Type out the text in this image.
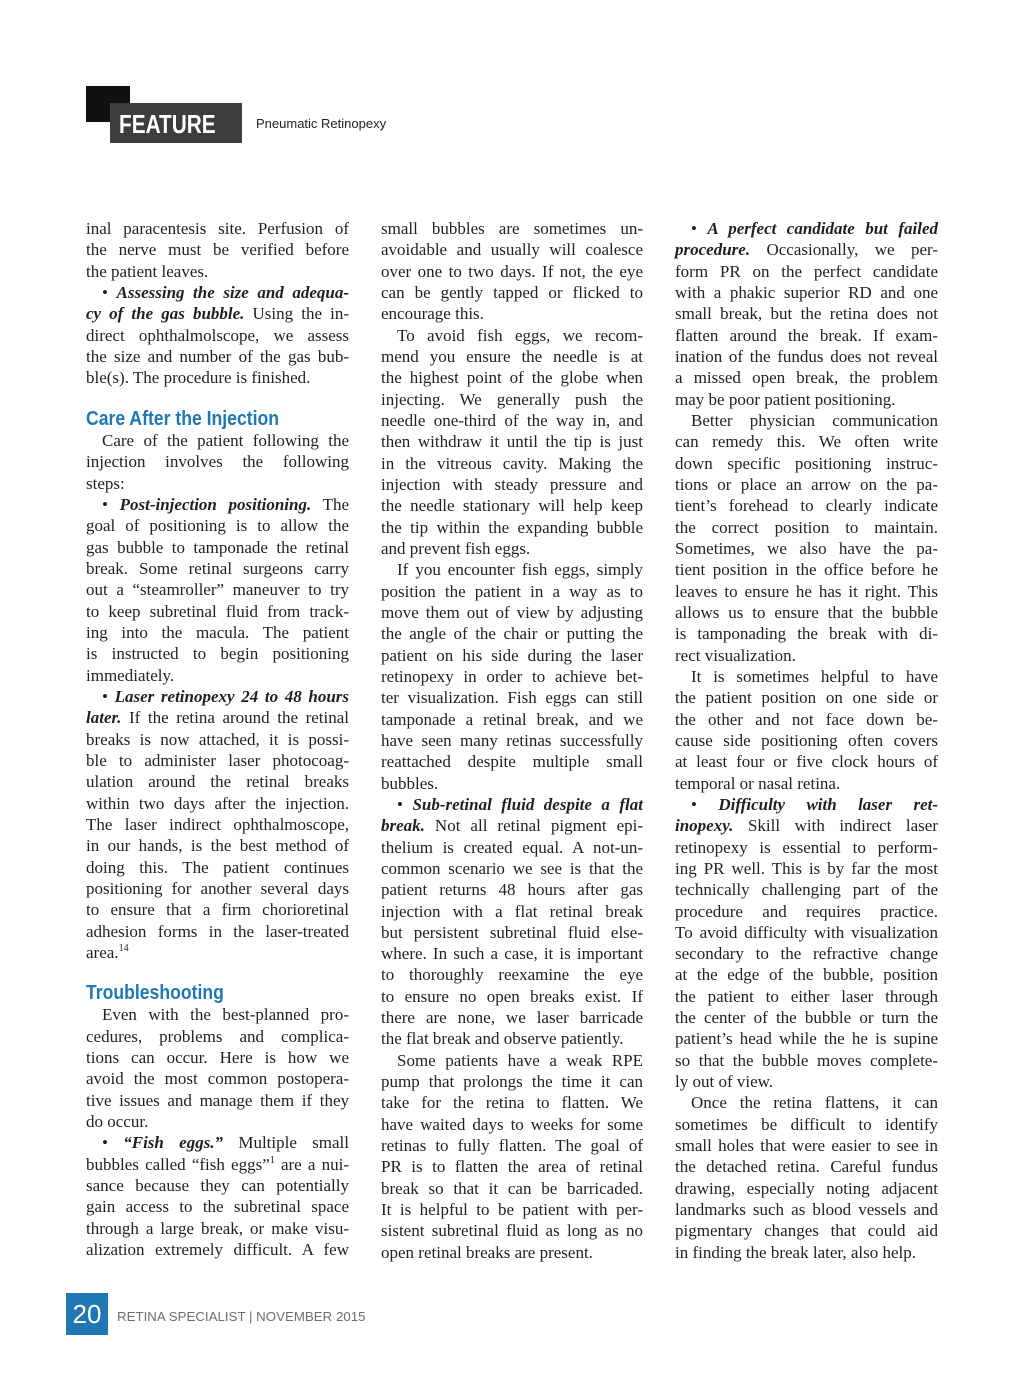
FEATURE	Pneumatic Retinopexy
inal paracentesis site. Perfusion of
the nerve must be verified before
the patient leaves.
• Assessing the size and adequa-
cy of the gas bubble. Using the in-
direct ophthalmolscope, we assess
the size and number of the gas bub-
ble(s). The procedure is finished.
Care After the Injection
Care of the patient following the
injection involves the following
steps:
• Post-injection positioning. The
goal of positioning is to allow the
gas bubble to tamponade the retinal
break. Some retinal surgeons carry
out a “steamroller” maneuver to try
to keep subretinal fluid from track-
ing into the macula. The patient
is instructed to begin positioning
immediately.
• Laser retinopexy 24 to 48 hours
later. If the retina around the retinal
breaks is now attached, it is possi-
ble to administer laser photocoag-
ulation around the retinal breaks
within two days after the injection.
The laser indirect ophthalmoscope,
in our hands, is the best method of
doing this. The patient continues
positioning for another several days
to ensure that a firm chorioretinal
adhesion forms in the laser-treated
area.$^{14}$
Troubleshooting
Even with the best-planned pro-
cedures, problems and complica-
tions can occur. Here is how we
avoid the most common postopera-
tive issues and manage them if they
do occur.
• “Fish eggs.” Multiple small
bubbles called “fish eggs”$^1$ are a nui-
sance because they can potentially
gain access to the subretinal space
through a large break, or make visu-
alization extremely difficult. A few
small bubbles are sometimes un-
avoidable and usually will coalesce
over one to two days. If not, the eye
can be gently tapped or flicked to
encourage this.
To avoid fish eggs, we recom-
mend you ensure the needle is at
the highest point of the globe when
injecting. We generally push the
needle one-third of the way in, and
then withdraw it until the tip is just
in the vitreous cavity. Making the
injection with steady pressure and
the needle stationary will help keep
the tip within the expanding bubble
and prevent fish eggs.
If you encounter fish eggs, simply
position the patient in a way as to
move them out of view by adjusting
the angle of the chair or putting the
patient on his side during the laser
retinopexy in order to achieve bet-
ter visualization. Fish eggs can still
tamponade a retinal break, and we
have seen many retinas successfully
reattached despite multiple small
bubbles.
• Sub-retinal fluid despite a flat
break. Not all retinal pigment epi-
thelium is created equal. A not-un-
common scenario we see is that the
patient returns 48 hours after gas
injection with a flat retinal break
but persistent subretinal fluid else-
where. In such a case, it is important
to thoroughly reexamine the eye
to ensure no open breaks exist. If
there are none, we laser barricade
the flat break and observe patiently.
Some patients have a weak RPE
pump that prolongs the time it can
take for the retina to flatten. We
have waited days to weeks for some
retinas to fully flatten. The goal of
PR is to flatten the area of retinal
break so that it can be barricaded.
It is helpful to be patient with per-
sistent subretinal fluid as long as no
open retinal breaks are present.
• A perfect candidate but failed
procedure. Occasionally, we per-
form PR on the perfect candidate
with a phakic superior RD and one
small break, but the retina does not
flatten around the break. If exam-
ination of the fundus does not reveal
a missed open break, the problem
may be poor patient positioning.
Better physician communication
can remedy this. We often write
down specific positioning instruc-
tions or place an arrow on the pa-
tient’s forehead to clearly indicate
the correct position to maintain.
Sometimes, we also have the pa-
tient position in the office before he
leaves to ensure he has it right. This
allows us to ensure that the bubble
is tamponading the break with di-
rect visualization.
It is sometimes helpful to have
the patient position on one side or
the other and not face down be-
cause side positioning often covers
at least four or five clock hours of
temporal or nasal retina.
• Difficulty with laser ret-
inopexy. Skill with indirect laser
retinopexy is essential to perform-
ing PR well. This is by far the most
technically challenging part of the
procedure and requires practice.
To avoid difficulty with visualization
secondary to the refractive change
at the edge of the bubble, position
the patient to either laser through
the center of the bubble or turn the
patient’s head while the he is supine
so that the bubble moves complete-
ly out of view.
Once the retina flattens, it can
sometimes be difficult to identify
small holes that were easier to see in
the detached retina. Careful fundus
drawing, especially noting adjacent
landmarks such as blood vessels and
pigmentary changes that could aid
in finding the break later, also help.
20	RETINA SPECIALIST | NOVEMBER 2015
